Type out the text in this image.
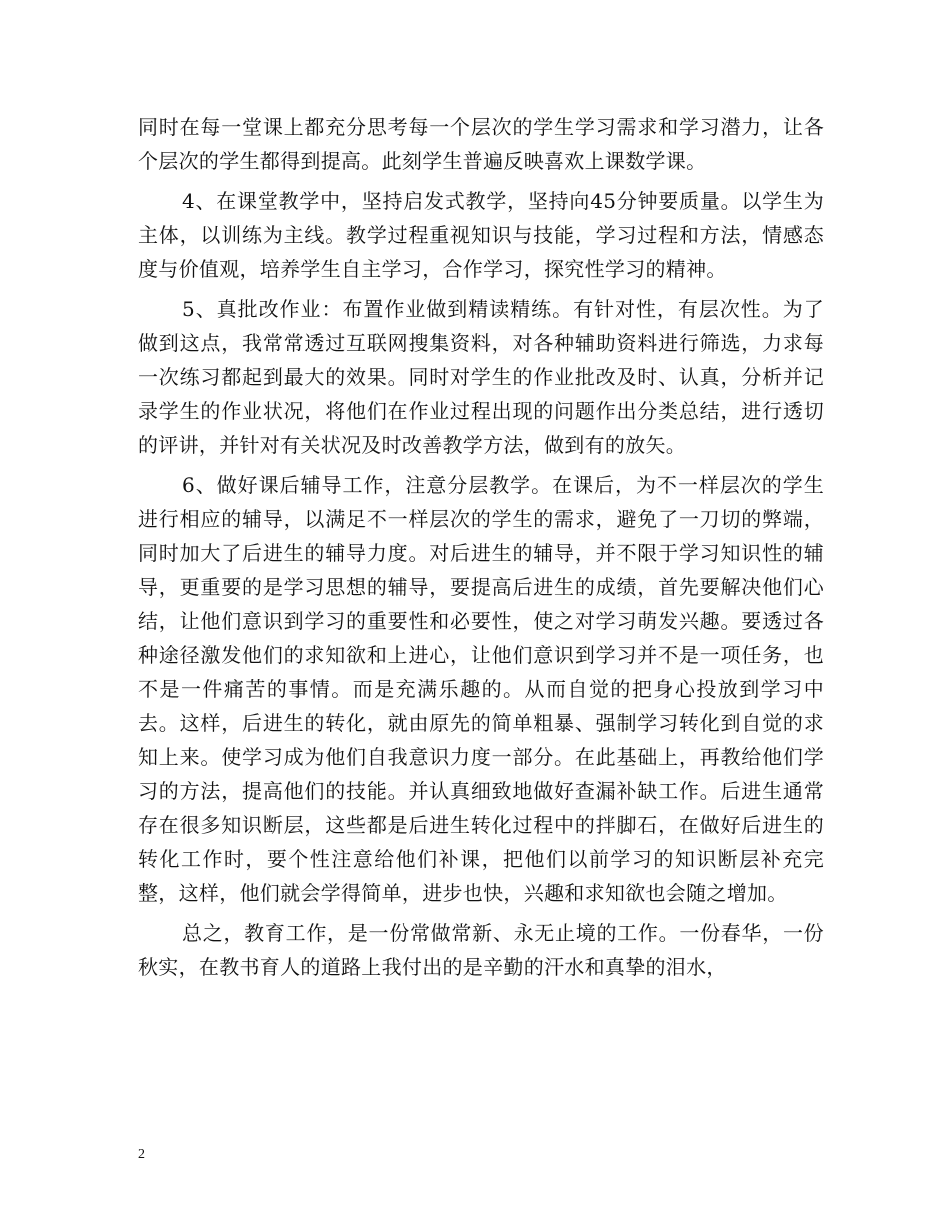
同时在每一堂课上都充分思考每一个层次的学生学习需求和学习潜力，让各个层次的学生都得到提高。此刻学生普遍反映喜欢上课数学课。

4、在课堂教学中，坚持启发式教学，坚持向45分钟要质量。以学生为主体，以训练为主线。教学过程重视知识与技能，学习过程和方法，情感态度与价值观，培养学生自主学习，合作学习，探究性学习的精神。

5、真批改作业：布置作业做到精读精练。有针对性，有层次性。为了做到这点，我常常透过互联网搜集资料，对各种辅助资料进行筛选，力求每一次练习都起到最大的效果。同时对学生的作业批改及时、认真，分析并记录学生的作业状况，将他们在作业过程出现的问题作出分类总结，进行透切的评讲，并针对有关状况及时改善教学方法，做到有的放矢。

6、做好课后辅导工作，注意分层教学。在课后，为不一样层次的学生进行相应的辅导，以满足不一样层次的学生的需求，避免了一刀切的弊端，同时加大了后进生的辅导力度。对后进生的辅导，并不限于学习知识性的辅导，更重要的是学习思想的辅导，要提高后进生的成绩，首先要解决他们心结，让他们意识到学习的重要性和必要性，使之对学习萌发兴趣。要透过各种途径激发他们的求知欲和上进心，让他们意识到学习并不是一项任务，也不是一件痛苦的事情。而是充满乐趣的。从而自觉的把身心投放到学习中去。这样，后进生的转化，就由原先的简单粗暴、强制学习转化到自觉的求知上来。使学习成为他们自我意识力度一部分。在此基础上，再教给他们学习的方法，提高他们的技能。并认真细致地做好查漏补缺工作。后进生通常存在很多知识断层，这些都是后进生转化过程中的拌脚石，在做好后进生的转化工作时，要个性注意给他们补课，把他们以前学习的知识断层补充完整，这样，他们就会学得简单，进步也快，兴趣和求知欲也会随之增加。

总之，教育工作，是一份常做常新、永无止境的工作。一份春华，一份秋实，在教书育人的道路上我付出的是辛勤的汗水和真挚的泪水，

2
